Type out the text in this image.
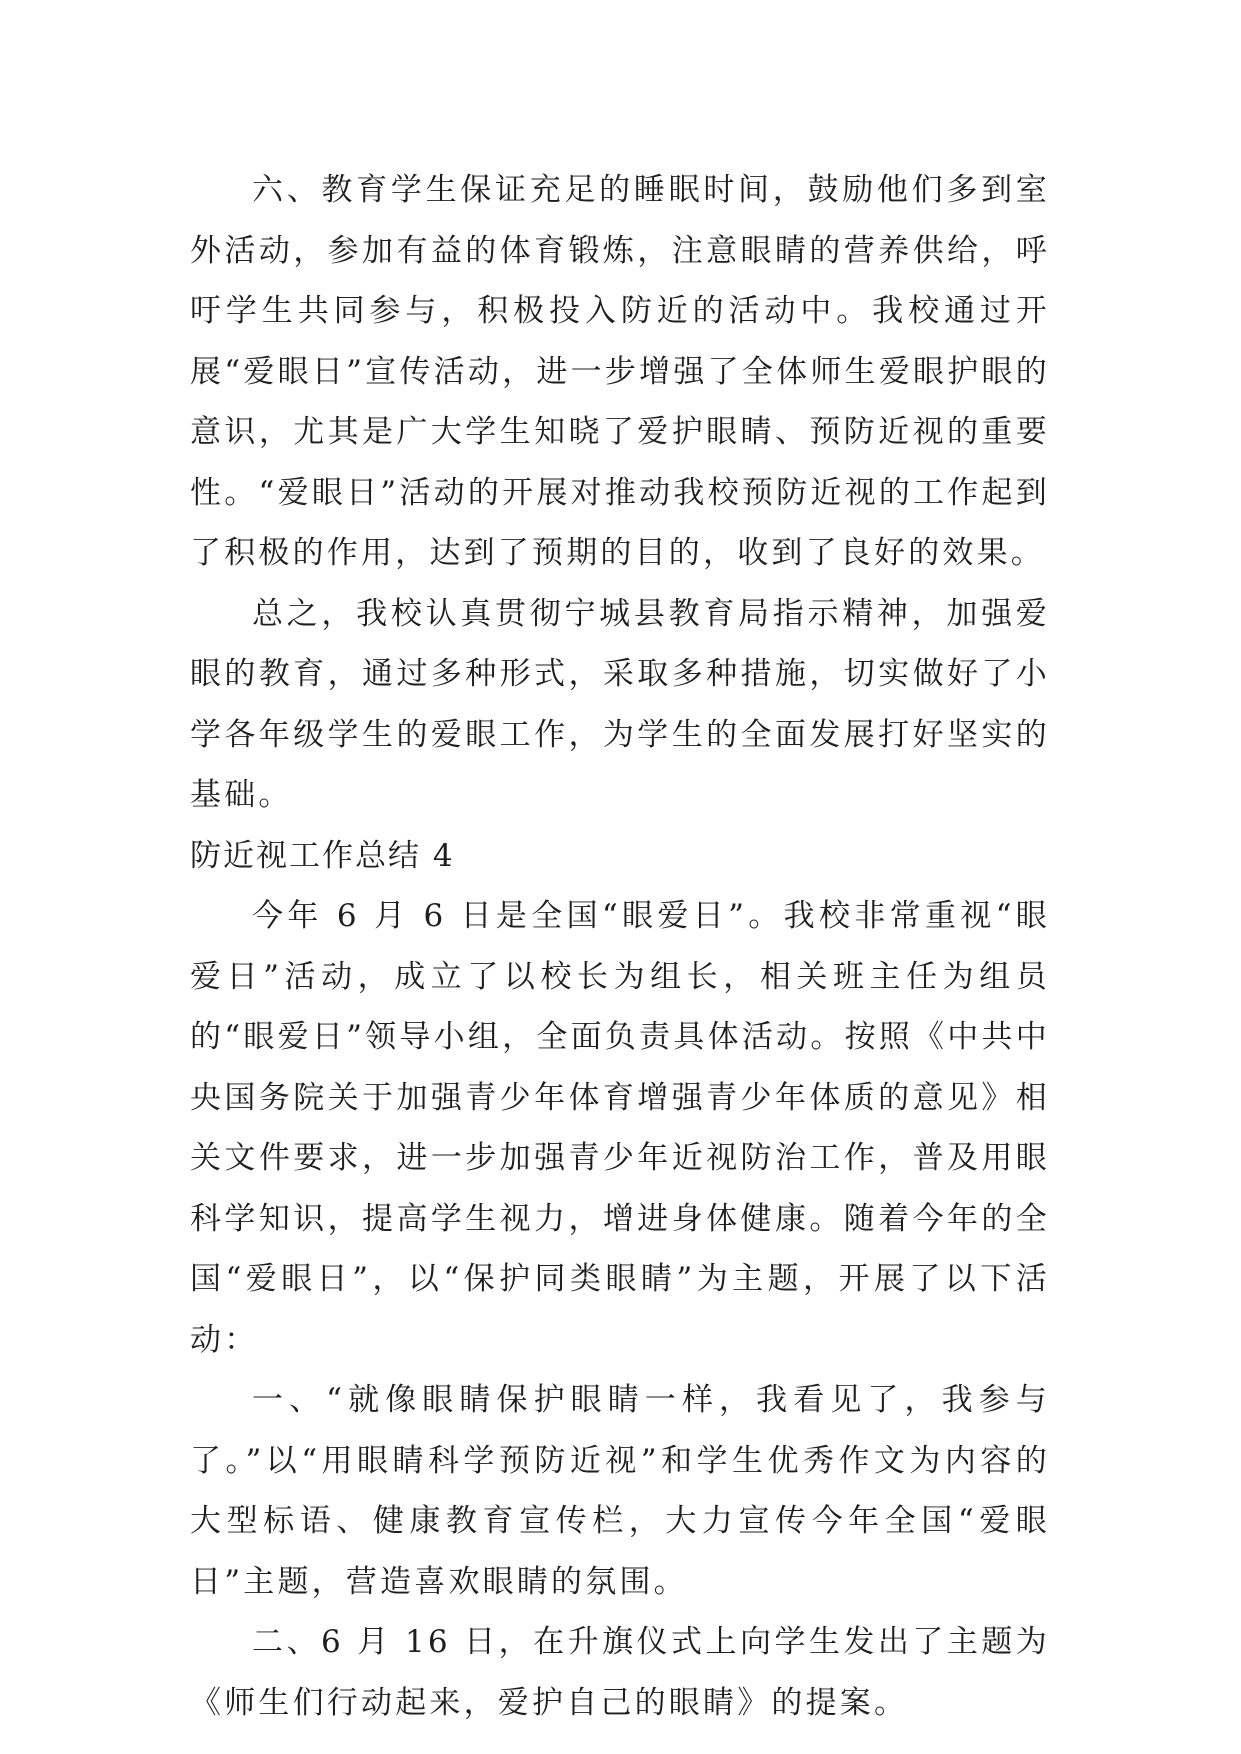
六、教育学生保证充足的睡眠时间，鼓励他们多到室外活动，参加有益的体育锻炼，注意眼睛的营养供给，呼吁学生共同参与，积极投入防近的活动中。我校通过开展“爱眼日”宣传活动，进一步增强了全体师生爱眼护眼的意识，尤其是广大学生知晓了爱护眼睛、预防近视的重要性。“爱眼日”活动的开展对推动我校预防近视的工作起到了积极的作用，达到了预期的目的，收到了良好的效果。

总之，我校认真贯彻宁城县教育局指示精神，加强爱眼的教育，通过多种形式，采取多种措施，切实做好了小学各年级学生的爱眼工作，为学生的全面发展打好坚实的基础。

防近视工作总结 4

今年 6 月 6 日是全国“眼爱日”。我校非常重视“眼爱日”活动，成立了以校长为组长，相关班主任为组员的“眼爱日”领导小组，全面负责具体活动。按照《中共中央国务院关于加强青少年体育增强青少年体质的意见》相关文件要求，进一步加强青少年近视防治工作，普及用眼科学知识，提高学生视力，增进身体健康。随着今年的全国“爱眼日”，以“保护同类眼睛”为主题，开展了以下活动：

一、“就像眼睛保护眼睛一样，我看见了，我参与了。”以“用眼睛科学预防近视”和学生优秀作文为内容的大型标语、健康教育宣传栏，大力宣传今年全国“爱眼日”主题，营造喜欢眼睛的氛围。

二、6 月 16 日，在升旗仪式上向学生发出了主题为《师生们行动起来，爱护自己的眼睛》的提案。
